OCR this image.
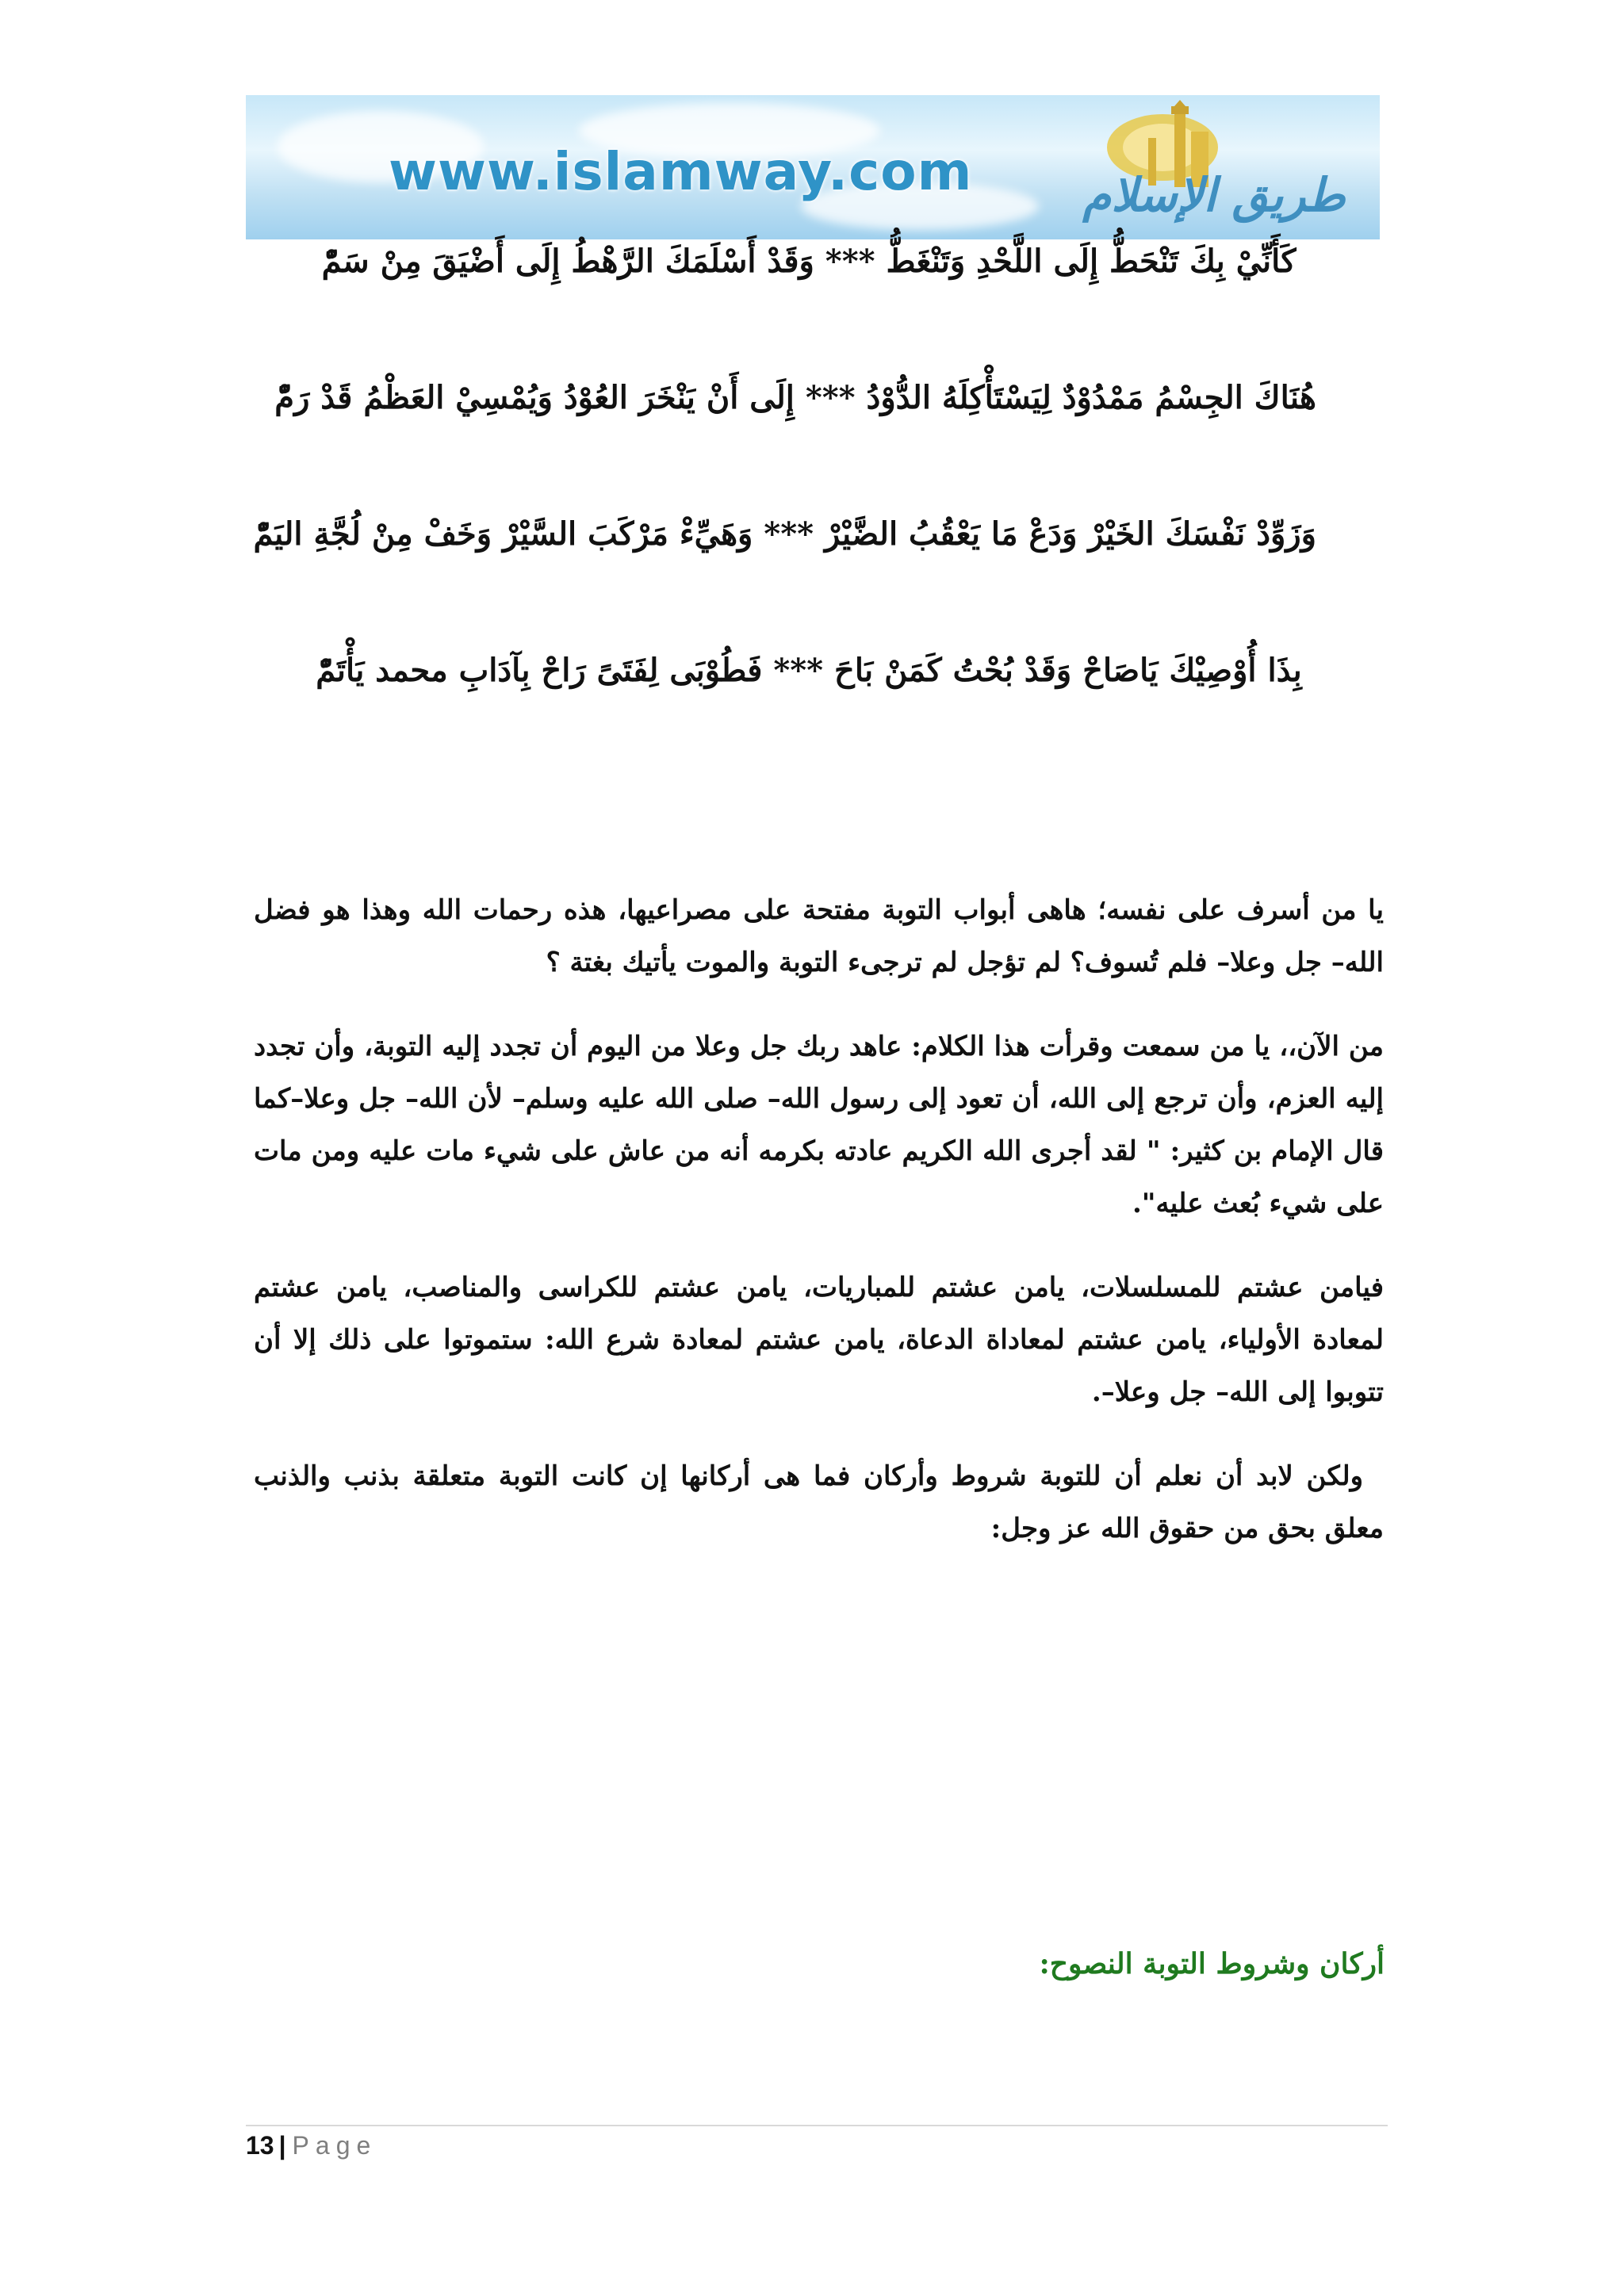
www.islamway.com طريق الإسلام
كَأَنِّيْ بِكَ تَنْحَطُّ إِلَى اللَّحْدِ وَتَنْغَطُّ *** وَقَدْ أَسْلَمَكَ الرَّهْطُ إِلَى أَضْيَقَ مِنْ سَمّْ
هُنَاكَ الجِسْمُ مَمْدُوْدٌ لِيَسْتَأْكِلَهُ الدُّوْدُ *** إِلَى أَنْ يَنْخَرَ العُوْدُ وَيُمْسِيْ العَظْمُ قَدْ رَمّْ
وَزَوِّدْ نَفْسَكَ الخَيْرْ وَدَعْ مَا يَعْقُبُ الضَّيْرْ *** وَهَيِّءْ مَرْكَبَ السَّيْرْ وَخَفْ مِنْ لُجَّةِ اليَمّْ
بِذَا أُوْصِيْكَ يَاصَاحْ وَقَدْ بُحْتُ كَمَنْ بَاحَ *** فَطُوْبَى لِفَتَىً رَاحْ بِآدَابِ محمد يَأْتَمّْ

يا من أسرف على نفسه؛ هاهى أبواب التوبة مفتحة على مصراعيها، هذه رحمات الله وهذا هو فضل الله– جل وعلا– فلم تُسوف؟ لم تؤجل لم ترجىء التوبة والموت يأتيك بغتة ؟

من الآن،، يا من سمعت وقرأت هذا الكلام: عاهد ربك جل وعلا من اليوم أن تجدد إليه التوبة، وأن تجدد إليه العزم، وأن ترجع إلى الله، أن تعود إلى رسول الله– صلى الله عليه وسلم– لأن الله– جل وعلا–كما قال الإمام بن كثير: " لقد أجرى الله الكريم عادته بكرمه أنه من عاش على شيء مات عليه ومن مات على شيء بُعث عليه".

فيامن عشتم للمسلسلات، يامن عشتم للمباريات، يامن عشتم للكراسى والمناصب، يامن عشتم لمعادة الأولياء، يامن عشتم لمعاداة الدعاة، يامن عشتم لمعادة شرع الله: ستموتوا على ذلك إلا أن تتوبوا إلى الله– جل وعلا–.

ولكن لابد أن نعلم أن للتوبة شروط وأركان فما هى أركانها إن كانت التوبة متعلقة بذنب والذنب معلق بحق من حقوق الله عز وجل:

أركان وشروط التوبة النصوح:
13 | Page
